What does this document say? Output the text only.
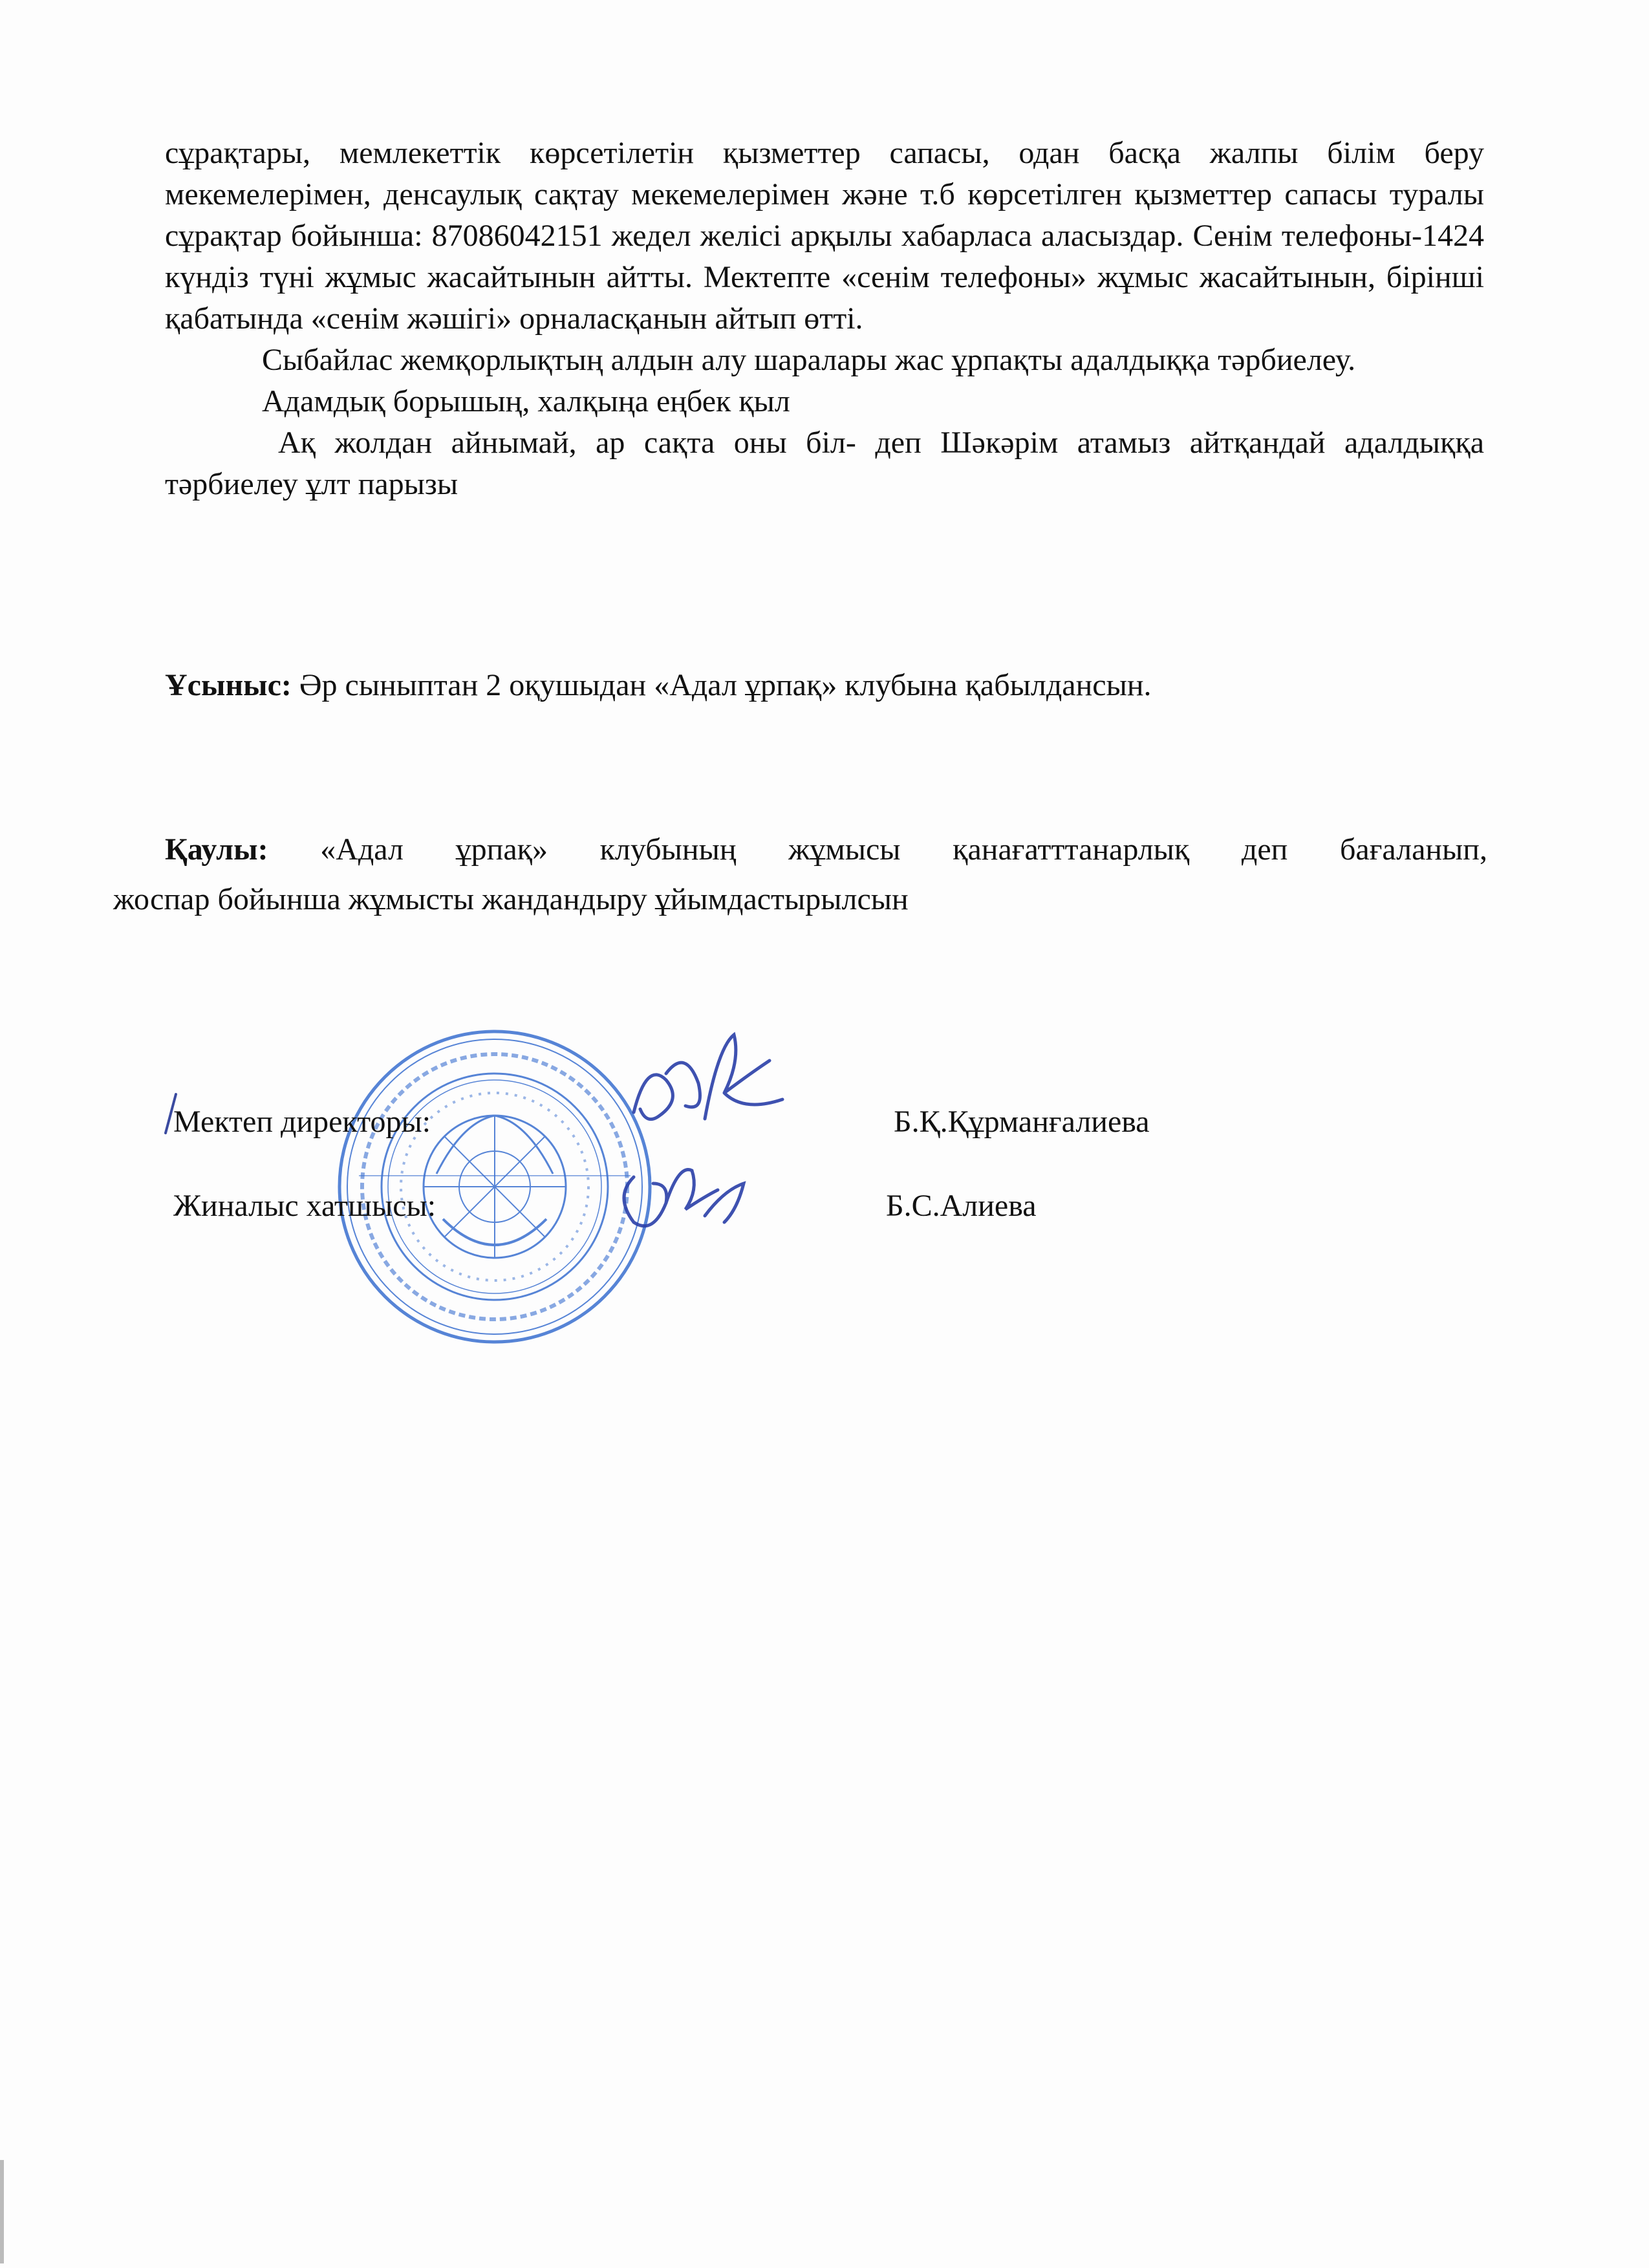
сұрақтары, мемлекеттік көрсетілетін қызметтер сапасы, одан басқа жалпы білім беру мекемелерімен, денсаулық сақтау мекемелерімен және т.б көрсетілген қызметтер сапасы туралы сұрақтар бойынша: 87086042151 жедел желісі арқылы хабарласа аласыздар. Сенім телефоны-1424 күндіз түні жұмыс жасайтынын айтты. Мектепте «сенім телефоны» жұмыс жасайтынын, бірінші қабатында «сенім жәшігі» орналасқанын айтып өтті.

Сыбайлас жемқорлықтың алдын алу шаралары жас ұрпақты адалдыққа тәрбиелеу.

Адамдық борышың, халқыңа еңбек қыл

Ақ жолдан айнымай, ар сақта оны біл- деп Шәкәрім атамыз айтқандай адалдыққа тәрбиелеу ұлт парызы

Ұсыныс: Әр сыныптан 2 оқушыдан «Адал ұрпақ» клубына қабылдансын.
Қаулы: «Адал ұрпақ» клубының жұмысы қанағатттанарлық деп бағаланып,
жоспар бойынша жұмысты жандандыру ұйымдастырылсын
Мектеп директоры:	Б.Қ.Құрманғалиева
Жиналыс хатшысы:	Б.С.Алиева
